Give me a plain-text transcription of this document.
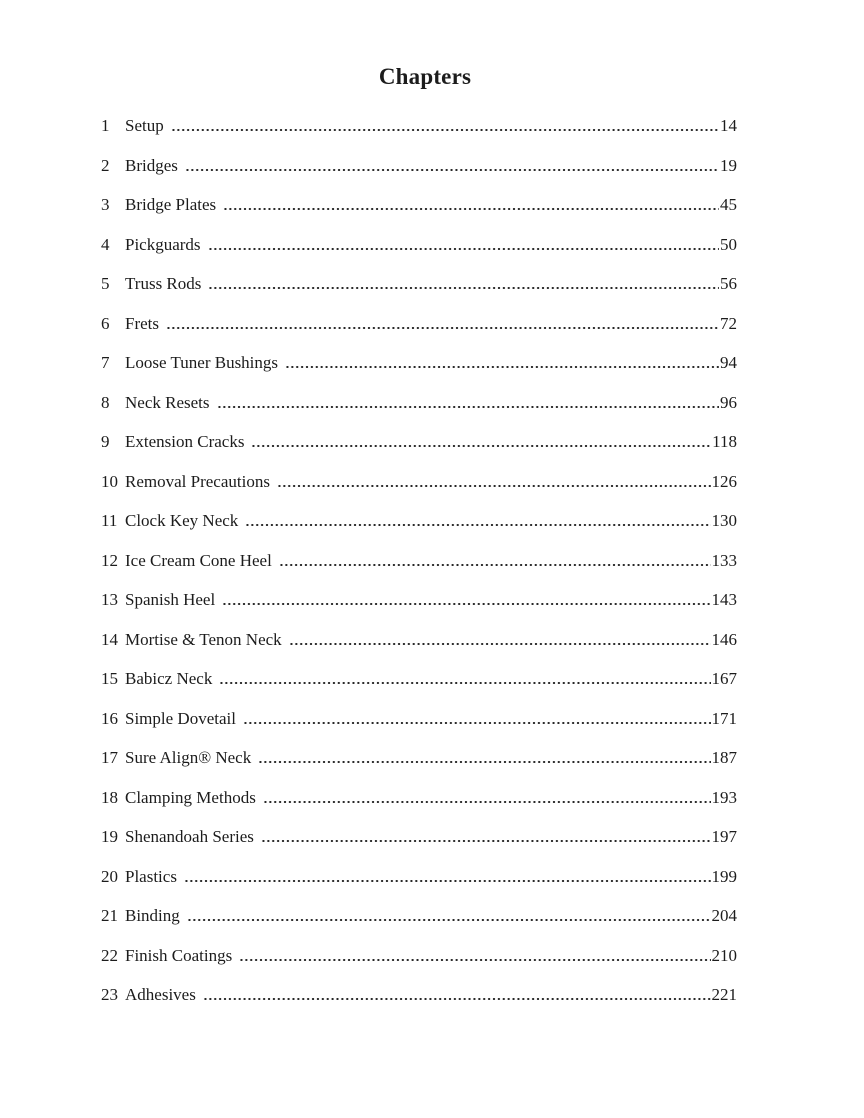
Chapters
1 Setup	14
2 Bridges	19
3 Bridge Plates	45
4 Pickguards	50
5 Truss Rods	56
6 Frets	72
7 Loose Tuner Bushings	94
8 Neck Resets	96
9 Extension Cracks	118
10 Removal Precautions	126
11 Clock Key Neck	130
12 Ice Cream Cone Heel	133
13 Spanish Heel	143
14 Mortise & Tenon Neck	146
15 Babicz Neck	167
16 Simple Dovetail	171
17 Sure Align® Neck	187
18 Clamping Methods	193
19 Shenandoah Series	197
20 Plastics	199
21 Binding	204
22 Finish Coatings	210
23 Adhesives	221
